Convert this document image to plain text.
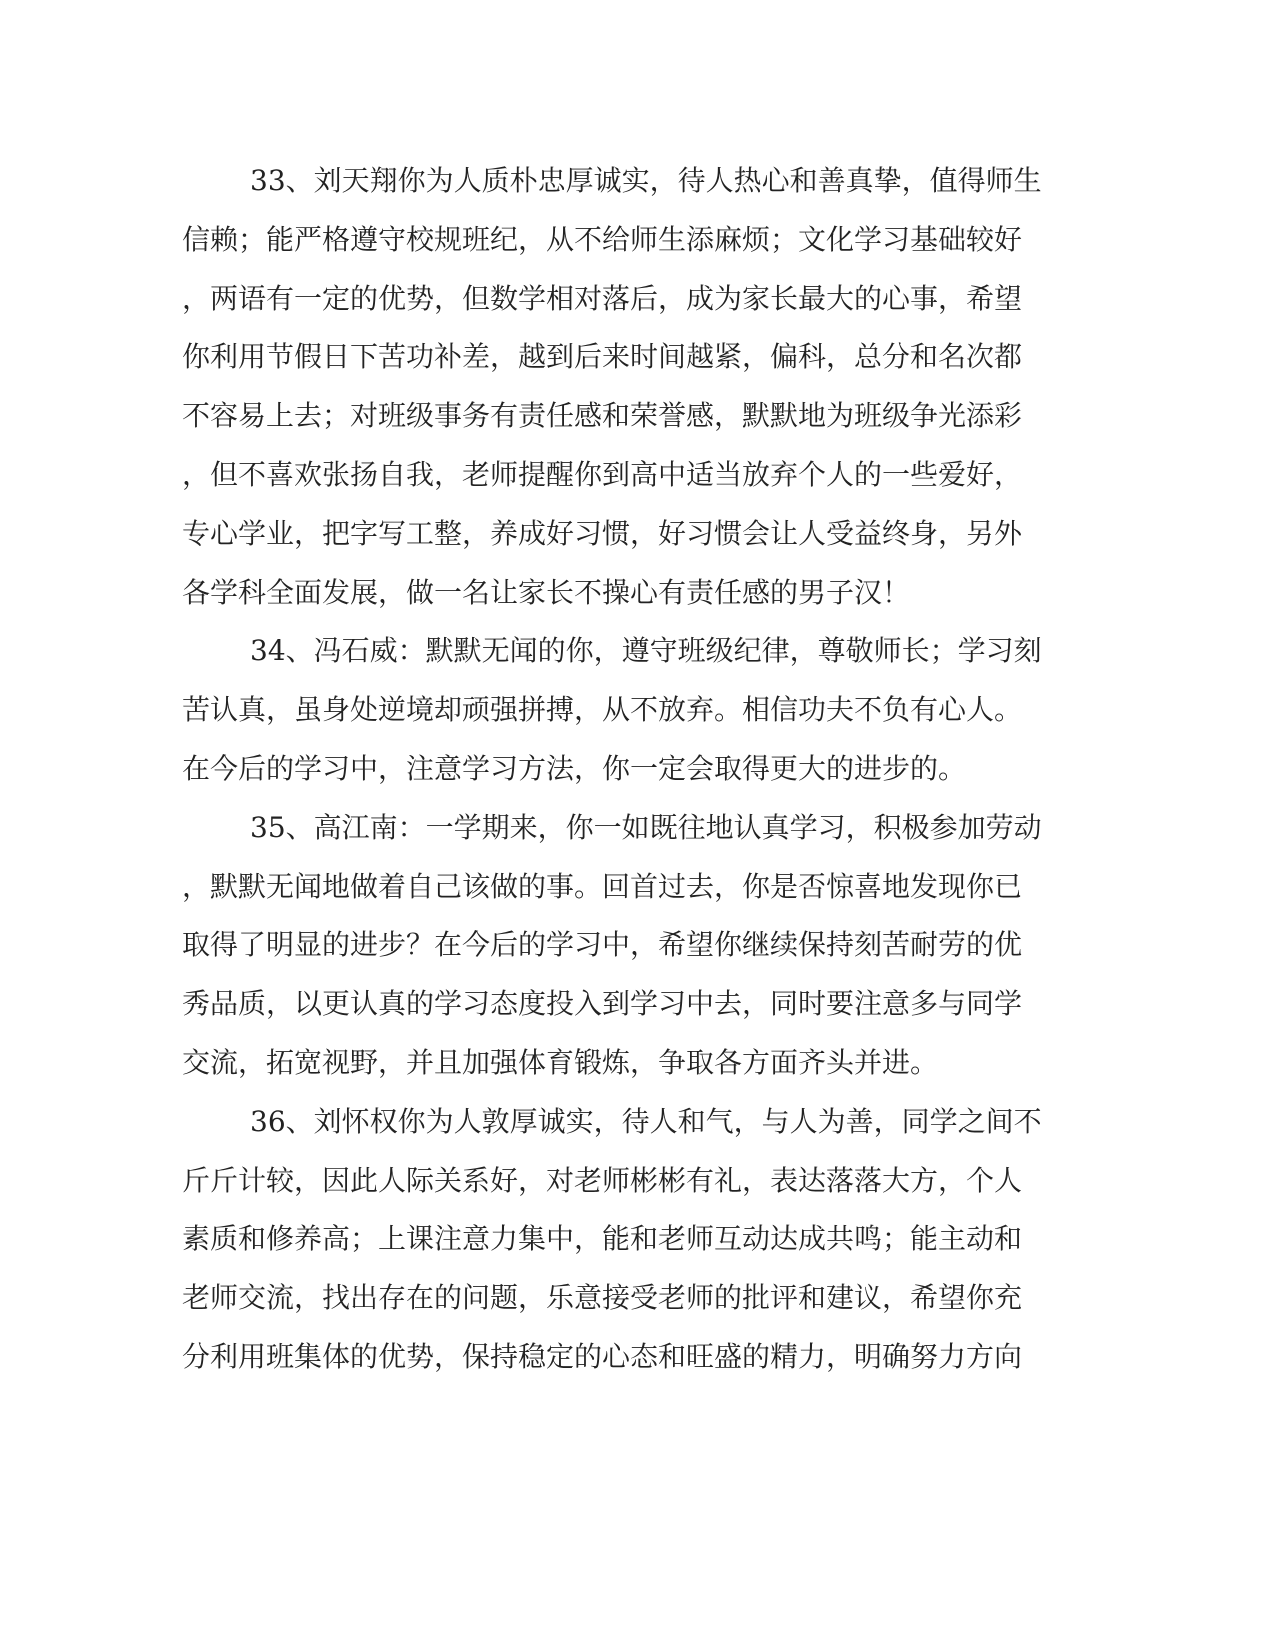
33、刘天翔你为人质朴忠厚诚实，待人热心和善真挚，值得师生
信赖；能严格遵守校规班纪，从不给师生添麻烦；文化学习基础较好
，两语有一定的优势，但数学相对落后，成为家长最大的心事，希望
你利用节假日下苦功补差，越到后来时间越紧，偏科，总分和名次都
不容易上去；对班级事务有责任感和荣誉感，默默地为班级争光添彩
，但不喜欢张扬自我，老师提醒你到高中适当放弃个人的一些爱好，
专心学业，把字写工整，养成好习惯，好习惯会让人受益终身，另外
各学科全面发展，做一名让家长不操心有责任感的男子汉！
34、冯石威：默默无闻的你，遵守班级纪律，尊敬师长；学习刻
苦认真，虽身处逆境却顽强拼搏，从不放弃。相信功夫不负有心人。
在今后的学习中，注意学习方法，你一定会取得更大的进步的。
35、高江南：一学期来，你一如既往地认真学习，积极参加劳动
，默默无闻地做着自己该做的事。回首过去，你是否惊喜地发现你已
取得了明显的进步？在今后的学习中，希望你继续保持刻苦耐劳的优
秀品质，以更认真的学习态度投入到学习中去，同时要注意多与同学
交流，拓宽视野，并且加强体育锻炼，争取各方面齐头并进。
36、刘怀权你为人敦厚诚实，待人和气，与人为善，同学之间不
斤斤计较，因此人际关系好，对老师彬彬有礼，表达落落大方，个人
素质和修养高；上课注意力集中，能和老师互动达成共鸣；能主动和
老师交流，找出存在的问题，乐意接受老师的批评和建议，希望你充
分利用班集体的优势，保持稳定的心态和旺盛的精力，明确努力方向
